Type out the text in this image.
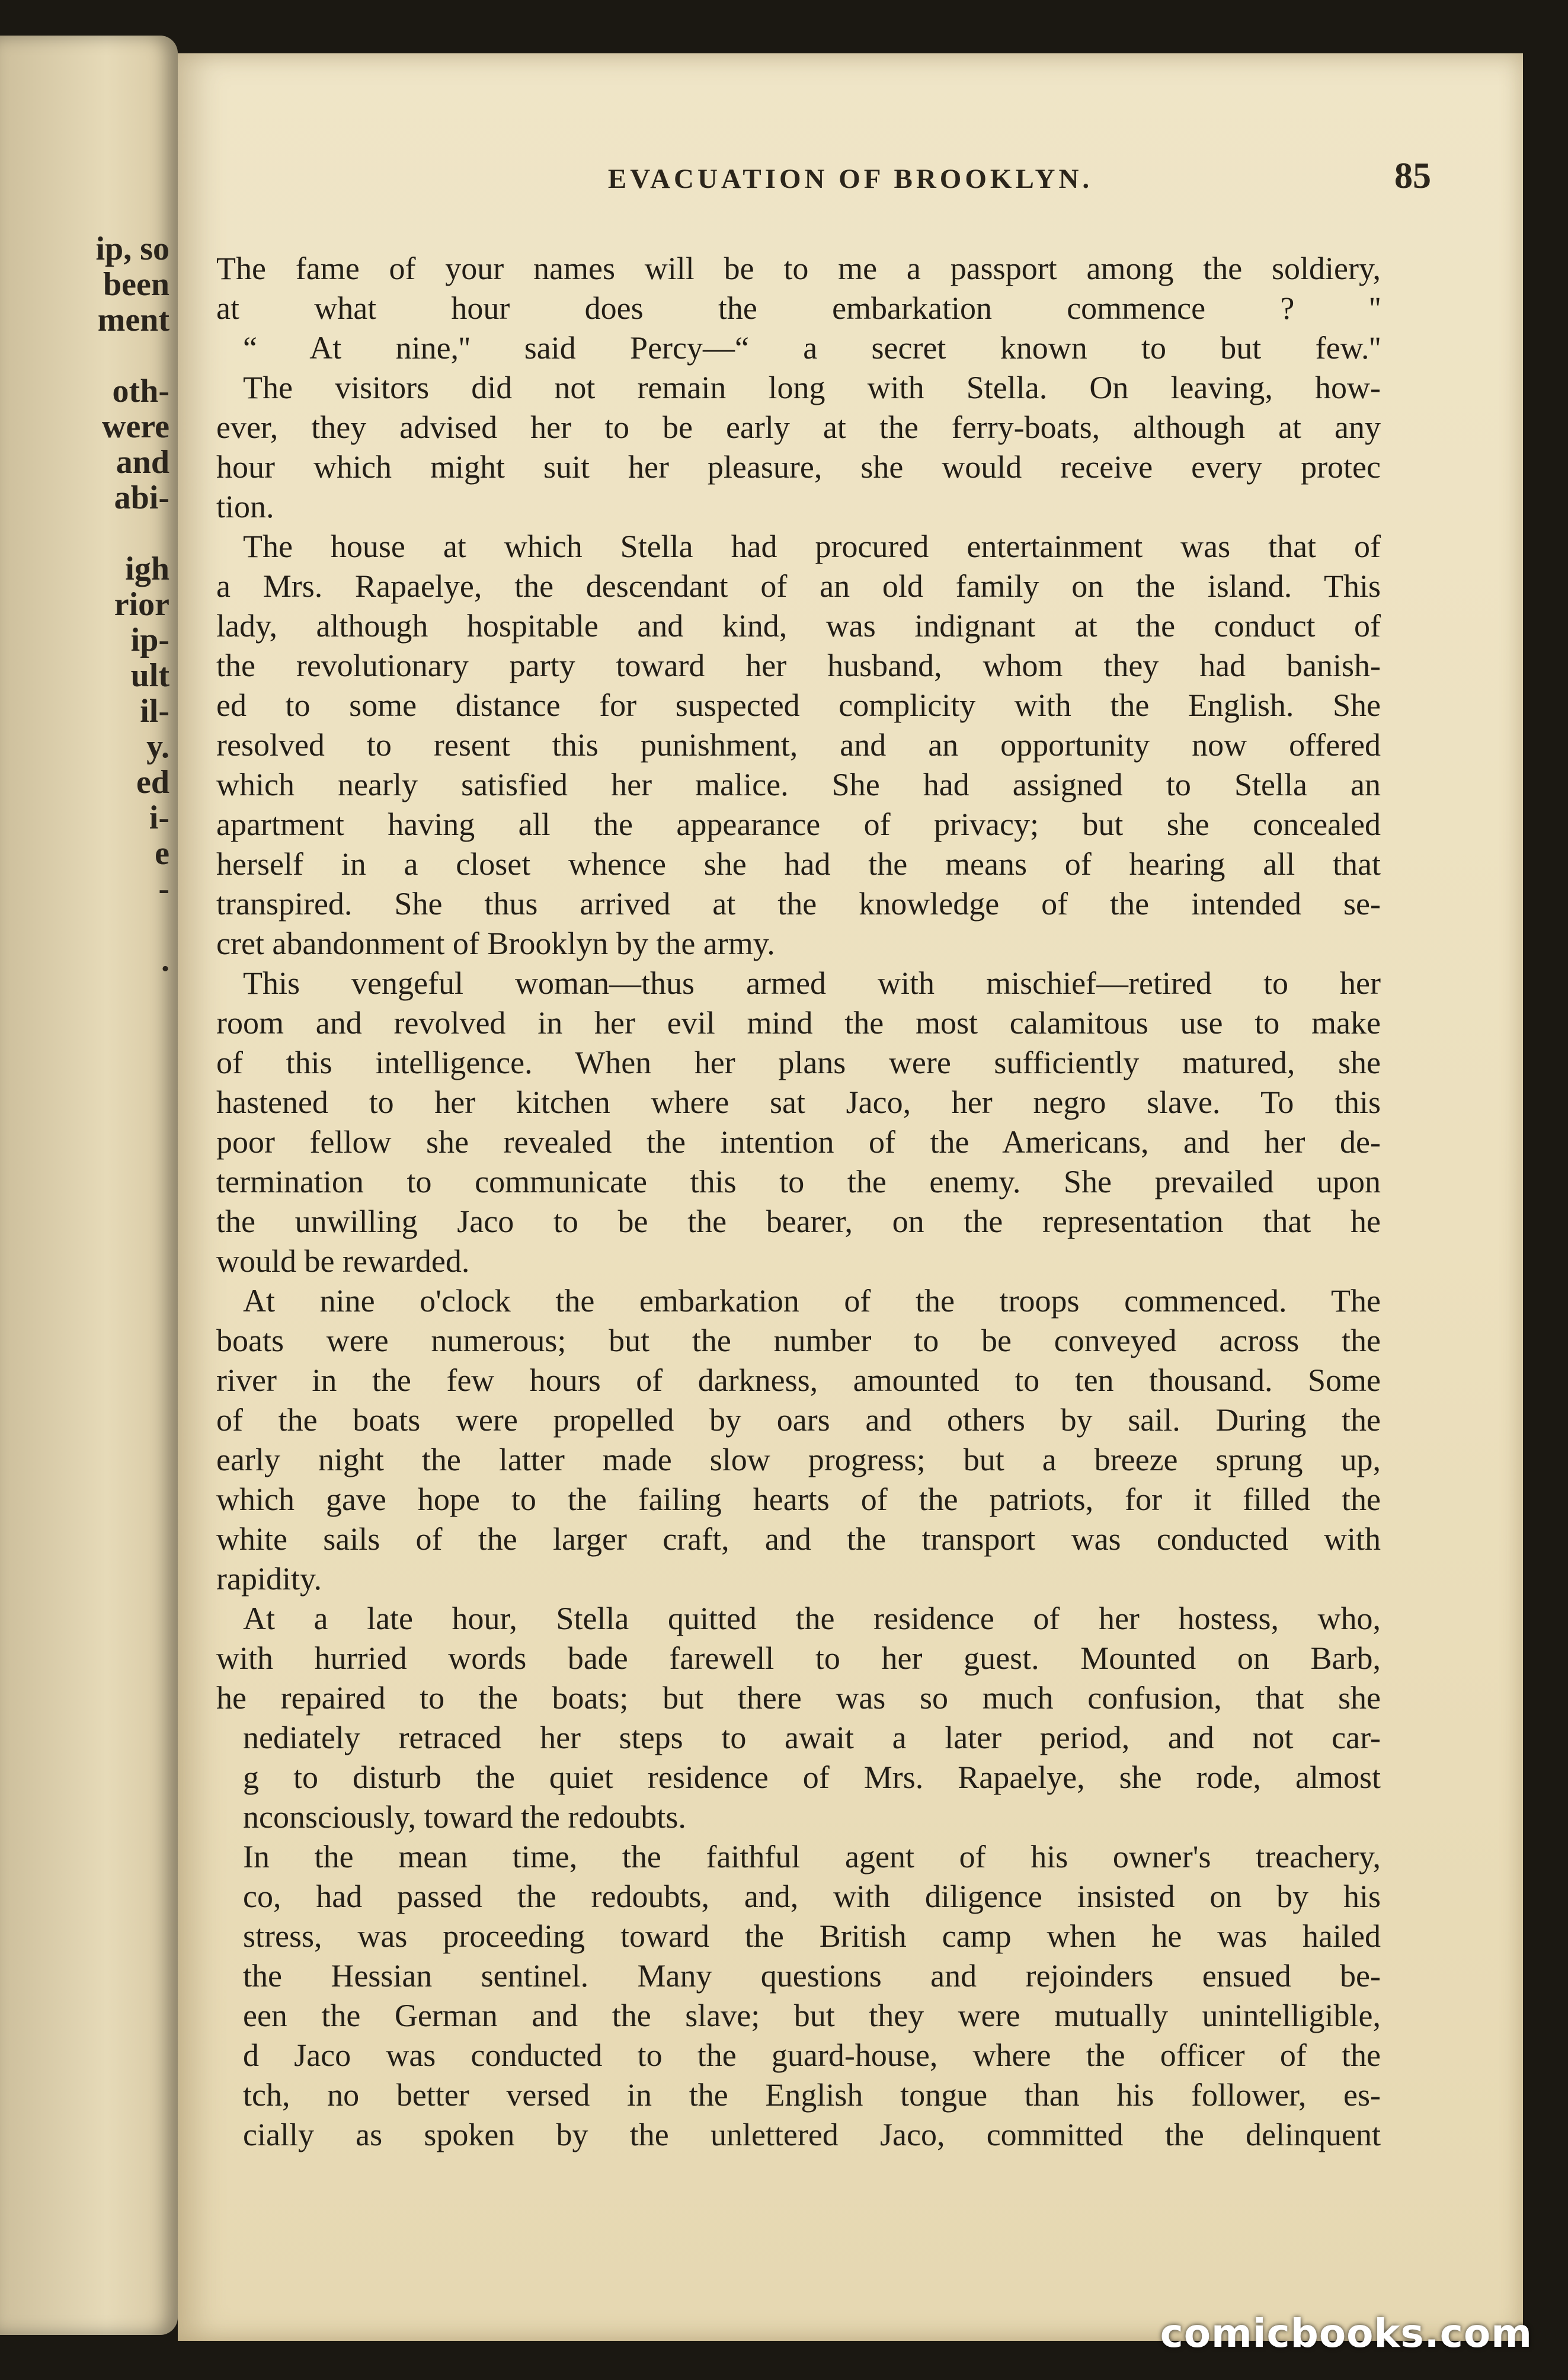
ip, so
been
ment

oth-
were
and
abi-

igh
rior
ip-
ult
il-
y.
ed
i-
e
-

.
EVACUATION OF BROOKLYN.	85
The fame of your names will be to me a passport among the soldiery,
at what hour does the embarkation commence ? ''
“ At nine,'' said Percy—“ a secret known to but few.''
The visitors did not remain long with Stella. On leaving, how-
ever, they advised her to be early at the ferry-boats, although at any
hour which might suit her pleasure, she would receive every protec
tion.
The house at which Stella had procured entertainment was that of
a Mrs. Rapaelye, the descendant of an old family on the island. This
lady, although hospitable and kind, was indignant at the conduct of
the revolutionary party toward her husband, whom they had banish-
ed to some distance for suspected complicity with the English. She
resolved to resent this punishment, and an opportunity now offered
which nearly satisfied her malice. She had assigned to Stella an
apartment having all the appearance of privacy; but she concealed
herself in a closet whence she had the means of hearing all that
transpired. She thus arrived at the knowledge of the intended se-
cret abandonment of Brooklyn by the army.
This vengeful woman—thus armed with mischief—retired to her
room and revolved in her evil mind the most calamitous use to make
of this intelligence. When her plans were sufficiently matured, she
hastened to her kitchen where sat Jaco, her negro slave. To this
poor fellow she revealed the intention of the Americans, and her de-
termination to communicate this to the enemy. She prevailed upon
the unwilling Jaco to be the bearer, on the representation that he
would be rewarded.
At nine o'clock the embarkation of the troops commenced. The
boats were numerous; but the number to be conveyed across the
river in the few hours of darkness, amounted to ten thousand. Some
of the boats were propelled by oars and others by sail. During the
early night the latter made slow progress; but a breeze sprung up,
which gave hope to the failing hearts of the patriots, for it filled the
white sails of the larger craft, and the transport was conducted with
rapidity.
At a late hour, Stella quitted the residence of her hostess, who,
with hurried words bade farewell to her guest. Mounted on Barb,
he repaired to the boats; but there was so much confusion, that she
nediately retraced her steps to await a later period, and not car-
g to disturb the quiet residence of Mrs. Rapaelye, she rode, almost
nconsciously, toward the redoubts.
In the mean time, the faithful agent of his owner's treachery,
co, had passed the redoubts, and, with diligence insisted on by his
stress, was proceeding toward the British camp when he was hailed
the Hessian sentinel. Many questions and rejoinders ensued be-
een the German and the slave; but they were mutually unintelligible,
d Jaco was conducted to the guard-house, where the officer of the
tch, no better versed in the English tongue than his follower, es-
cially as spoken by the unlettered Jaco, committed the delinquent
comicbooks.com
